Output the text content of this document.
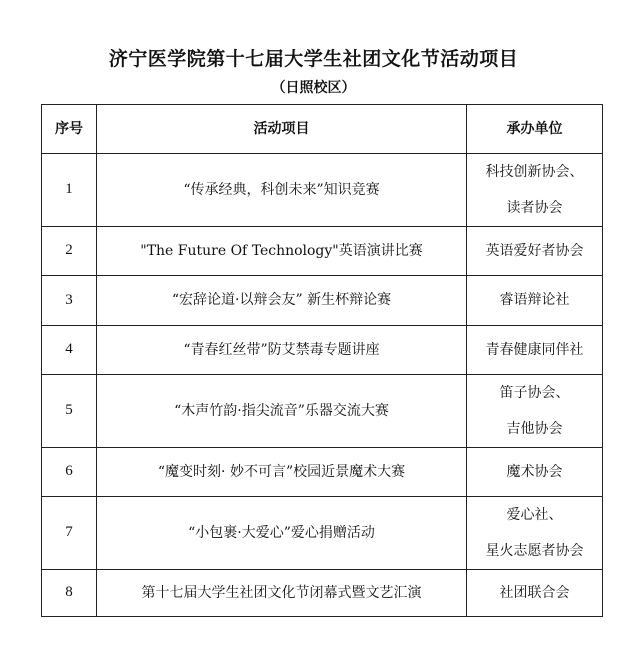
济宁医学院第十七届大学生社团文化节活动项目
（日照校区）
序号	活动项目	承办单位
1	“传承经典，科创未来”知识竞赛	科技创新协会、
读者协会

2	"The Future Of Technology"英语演讲比赛	英语爱好者协会
3	“宏辞论道·以辩会友” 新生杯辩论赛	睿语辩论社
4	“青春红丝带”防艾禁毒专题讲座	青春健康同伴社
5	“木声竹韵·指尖流音”乐器交流大赛	笛子协会、
吉他协会

6	“魔变时刻· 妙不可言”校园近景魔术大赛	魔术协会
7	“小包裹·大爱心”爱心捐赠活动	爱心社、
星火志愿者协会

8	第十七届大学生社团文化节闭幕式暨文艺汇演	社团联合会
